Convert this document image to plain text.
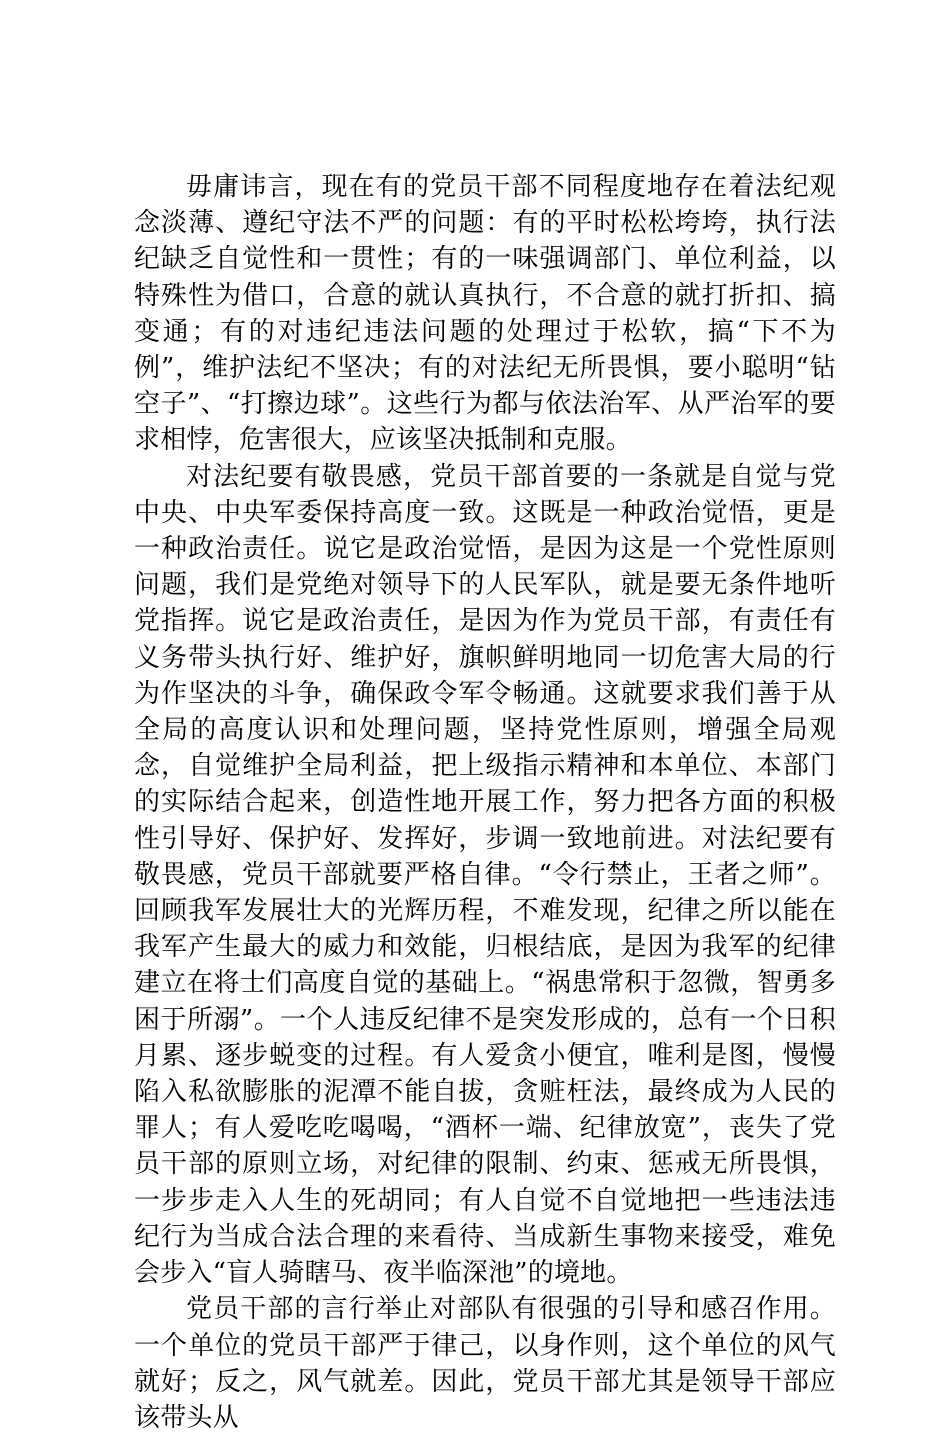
毋庸讳言，现在有的党员干部不同程度地存在着法纪观念淡薄、遵纪守法不严的问题：有的平时松松垮垮，执行法纪缺乏自觉性和一贯性；有的一味强调部门、单位利益，以特殊性为借口，合意的就认真执行，不合意的就打折扣、搞变通；有的对违纪违法问题的处理过于松软，搞“下不为例”，维护法纪不坚决；有的对法纪无所畏惧，要小聪明“钻空子”、“打擦边球”。这些行为都与依法治军、从严治军的要求相悖，危害很大，应该坚决抵制和克服。

对法纪要有敬畏感，党员干部首要的一条就是自觉与党中央、中央军委保持高度一致。这既是一种政治觉悟，更是一种政治责任。说它是政治觉悟，是因为这是一个党性原则问题，我们是党绝对领导下的人民军队，就是要无条件地听党指挥。说它是政治责任，是因为作为党员干部，有责任有义务带头执行好、维护好，旗帜鲜明地同一切危害大局的行为作坚决的斗争，确保政令军令畅通。这就要求我们善于从全局的高度认识和处理问题，坚持党性原则，增强全局观念，自觉维护全局利益，把上级指示精神和本单位、本部门的实际结合起来，创造性地开展工作，努力把各方面的积极性引导好、保护好、发挥好，步调一致地前进。对法纪要有敬畏感，党员干部就要严格自律。“令行禁止，王者之师”。回顾我军发展壮大的光辉历程，不难发现，纪律之所以能在我军产生最大的威力和效能，归根结底，是因为我军的纪律建立在将士们高度自觉的基础上。“祸患常积于忽微，智勇多困于所溺”。一个人违反纪律不是突发形成的，总有一个日积月累、逐步蜕变的过程。有人爱贪小便宜，唯利是图，慢慢陷入私欲膨胀的泥潭不能自拔，贪赃枉法，最终成为人民的罪人；有人爱吃吃喝喝，“酒杯一端、纪律放宽”，丧失了党员干部的原则立场，对纪律的限制、约束、惩戒无所畏惧，一步步走入人生的死胡同；有人自觉不自觉地把一些违法违纪行为当成合法合理的来看待、当成新生事物来接受，难免会步入“盲人骑瞎马、夜半临深池”的境地。

党员干部的言行举止对部队有很强的引导和感召作用。一个单位的党员干部严于律己，以身作则，这个单位的风气就好；反之，风气就差。因此，党员干部尤其是领导干部应该带头从
